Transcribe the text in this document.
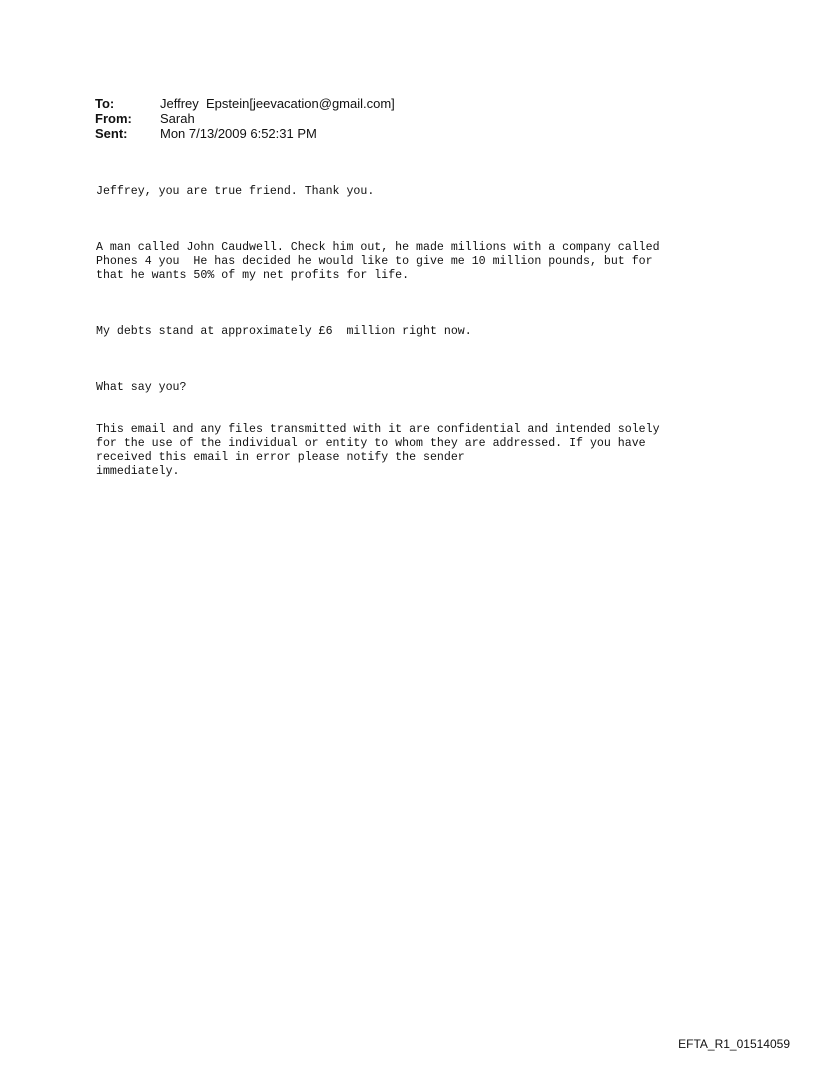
To:	Jeffrey  Epstein[jeevacation@gmail.com]
From:	Sarah
Sent:	Mon 7/13/2009 6:52:31 PM

Jeffrey, you are true friend. Thank you.

A man called John Caudwell. Check him out, he made millions with a company called
Phones 4 you  He has decided he would like to give me 10 million pounds, but for
that he wants 50% of my net profits for life.

My debts stand at approximately £6  million right now.

What say you?

This email and any files transmitted with it are confidential and intended solely
for the use of the individual or entity to whom they are addressed. If you have
received this email in error please notify the sender
immediately.

EFTA_R1_01514059
